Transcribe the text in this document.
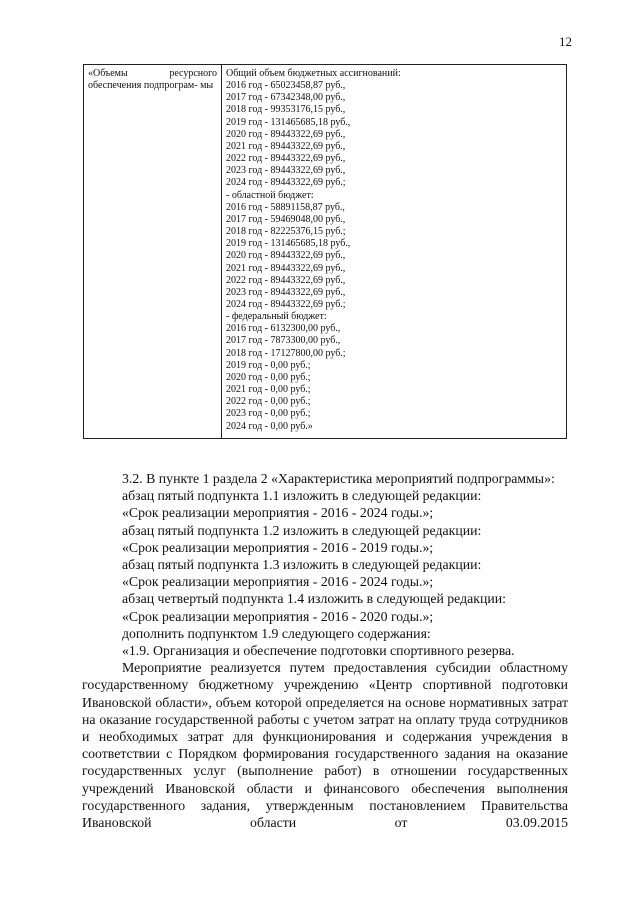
12
«Объемы ресурсного обеспечения подпрограм- мы	
Общий объем бюджетных ассигнований:
2016 год - 65023458,87 руб.,
2017 год - 67342348,00 руб.,
2018 год - 99353176,15 руб.,
2019 год - 131465685,18 руб.,
2020 год - 89443322,69 руб.,
2021 год - 89443322,69 руб.,
2022 год - 89443322,69 руб.,
2023 год - 89443322,69 руб.,
2024 год - 89443322,69 руб.;
- областной бюджет:
2016 год - 58891158,87 руб.,
2017 год - 59469048,00 руб.,
2018 год - 82225376,15 руб.;
2019 год - 131465685,18 руб.,
2020 год - 89443322,69 руб.,
2021 год - 89443322,69 руб.,
2022 год - 89443322,69 руб.,
2023 год - 89443322,69 руб.,
2024 год - 89443322,69 руб.;
- федеральный бюджет:
2016 год - 6132300,00 руб.,
2017 год - 7873300,00 руб.,
2018 год - 17127800,00 руб.;
2019 год - 0,00 руб.;
2020 год - 0,00 руб.;
2021 год - 0,00 руб.;
2022 год - 0,00 руб.;
2023 год - 0,00 руб.;
2024 год - 0,00 руб.»

3.2. В пункте 1 раздела 2 «Характеристика мероприятий подпрограммы»:

абзац пятый подпункта 1.1 изложить в следующей редакции:

«Срок реализации мероприятия - 2016 - 2024 годы.»;

абзац пятый подпункта 1.2 изложить в следующей редакции:

«Срок реализации мероприятия - 2016 - 2019 годы.»;

абзац пятый подпункта 1.3 изложить в следующей редакции:

«Срок реализации мероприятия - 2016 - 2024 годы.»;

абзац четвертый подпункта 1.4 изложить в следующей редакции:

«Срок реализации мероприятия - 2016 - 2020 годы.»;

дополнить подпунктом 1.9 следующего содержания:

«1.9. Организация и обеспечение подготовки спортивного резерва.

Мероприятие реализуется путем предоставления субсидии областному государственному бюджетному учреждению «Центр спортивной подготовки Ивановской области», объем которой определяется на основе нормативных затрат на оказание государственной работы с учетом затрат на оплату труда сотрудников и необходимых затрат для функционирования и содержания учреждения в соответствии с Порядком формирования государственного задания на оказание государственных услуг (выполнение работ) в отношении государственных учреждений Ивановской области и финансового обеспечения выполнения государственного задания, утвержденным постановлением Правительства Ивановской области от 03.09.2015
